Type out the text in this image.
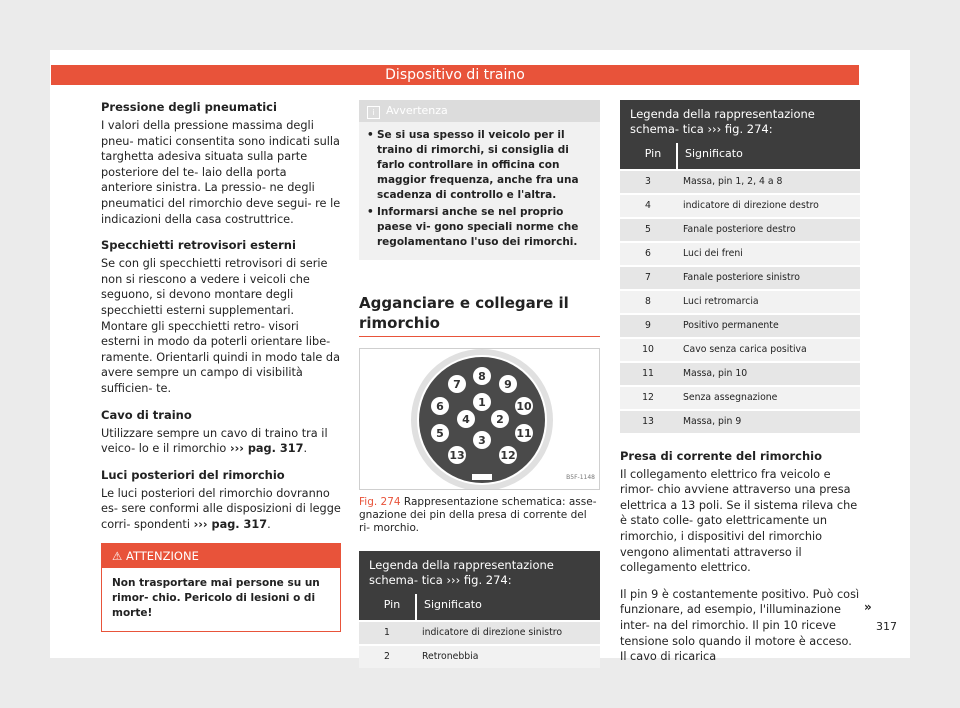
Dispositivo di traino
Pressione degli pneumatici

I valori della pressione massima degli pneu- matici consentita sono indicati sulla targhetta adesiva situata sulla parte posteriore del te- laio della porta anteriore sinistra. La pressio- ne degli pneumatici del rimorchio deve segui- re le indicazioni della casa costruttrice.

Specchietti retrovisori esterni

Se con gli specchietti retrovisori di serie non si riescono a vedere i veicoli che seguono, si devono montare degli specchietti esterni supplementari. Montare gli specchietti retro- visori esterni in modo da poterli orientare libe- ramente. Orientarli quindi in modo tale da avere sempre un campo di visibilità sufficien- te.

Cavo di traino

Utilizzare sempre un cavo di traino tra il veico- lo e il rimorchio ››› pag. 317.

Luci posteriori del rimorchio

Le luci posteriori del rimorchio dovranno es- sere conformi alle disposizioni di legge corri- spondenti ››› pag. 317.

⚠ ATTENZIONE
Non trasportare mai persone su un rimor- chio. Pericolo di lesioni o di morte!
i Avvertenza
• Se si usa spesso il veicolo per il traino di rimorchi, si consiglia di farlo controllare in officina con maggior frequenza, anche fra una scadenza di controllo e l'altra.
• Informarsi anche se nel proprio paese vi- gono speciali norme che regolamentano l'uso dei rimorchi.
Agganciare e collegare il rimorchio
8
9
10
11
12
3
13
5
6
7
1
2
4
B5F-1148
Fig. 274 Rappresentazione schematica: asse- gnazione dei pin della presa di corrente del ri- morchio.
Legenda della rappresentazione schema- tica ››› fig. 274:
Pin	Significato
1	indicatore di direzione sinistro
2	Retronebbia
Legenda della rappresentazione schema- tica ››› fig. 274:
Pin	Significato
3	Massa, pin 1, 2, 4 a 8
4	indicatore di direzione destro
5	Fanale posteriore destro
6	Luci dei freni
7	Fanale posteriore sinistro
8	Luci retromarcia
9	Positivo permanente
10	Cavo senza carica positiva
11	Massa, pin 10
12	Senza assegnazione
13	Massa, pin 9
Presa di corrente del rimorchio

Il collegamento elettrico fra veicolo e rimor- chio avviene attraverso una presa elettrica a 13 poli. Se il sistema rileva che è stato colle- gato elettricamente un rimorchio, i dispositivi del rimorchio vengono alimentati attraverso il collegamento elettrico.

Il pin 9 è costantemente positivo. Può così funzionare, ad esempio, l'illuminazione inter- na del rimorchio. Il pin 10 riceve tensione solo quando il motore è acceso. Il cavo di ricarica

»
317
